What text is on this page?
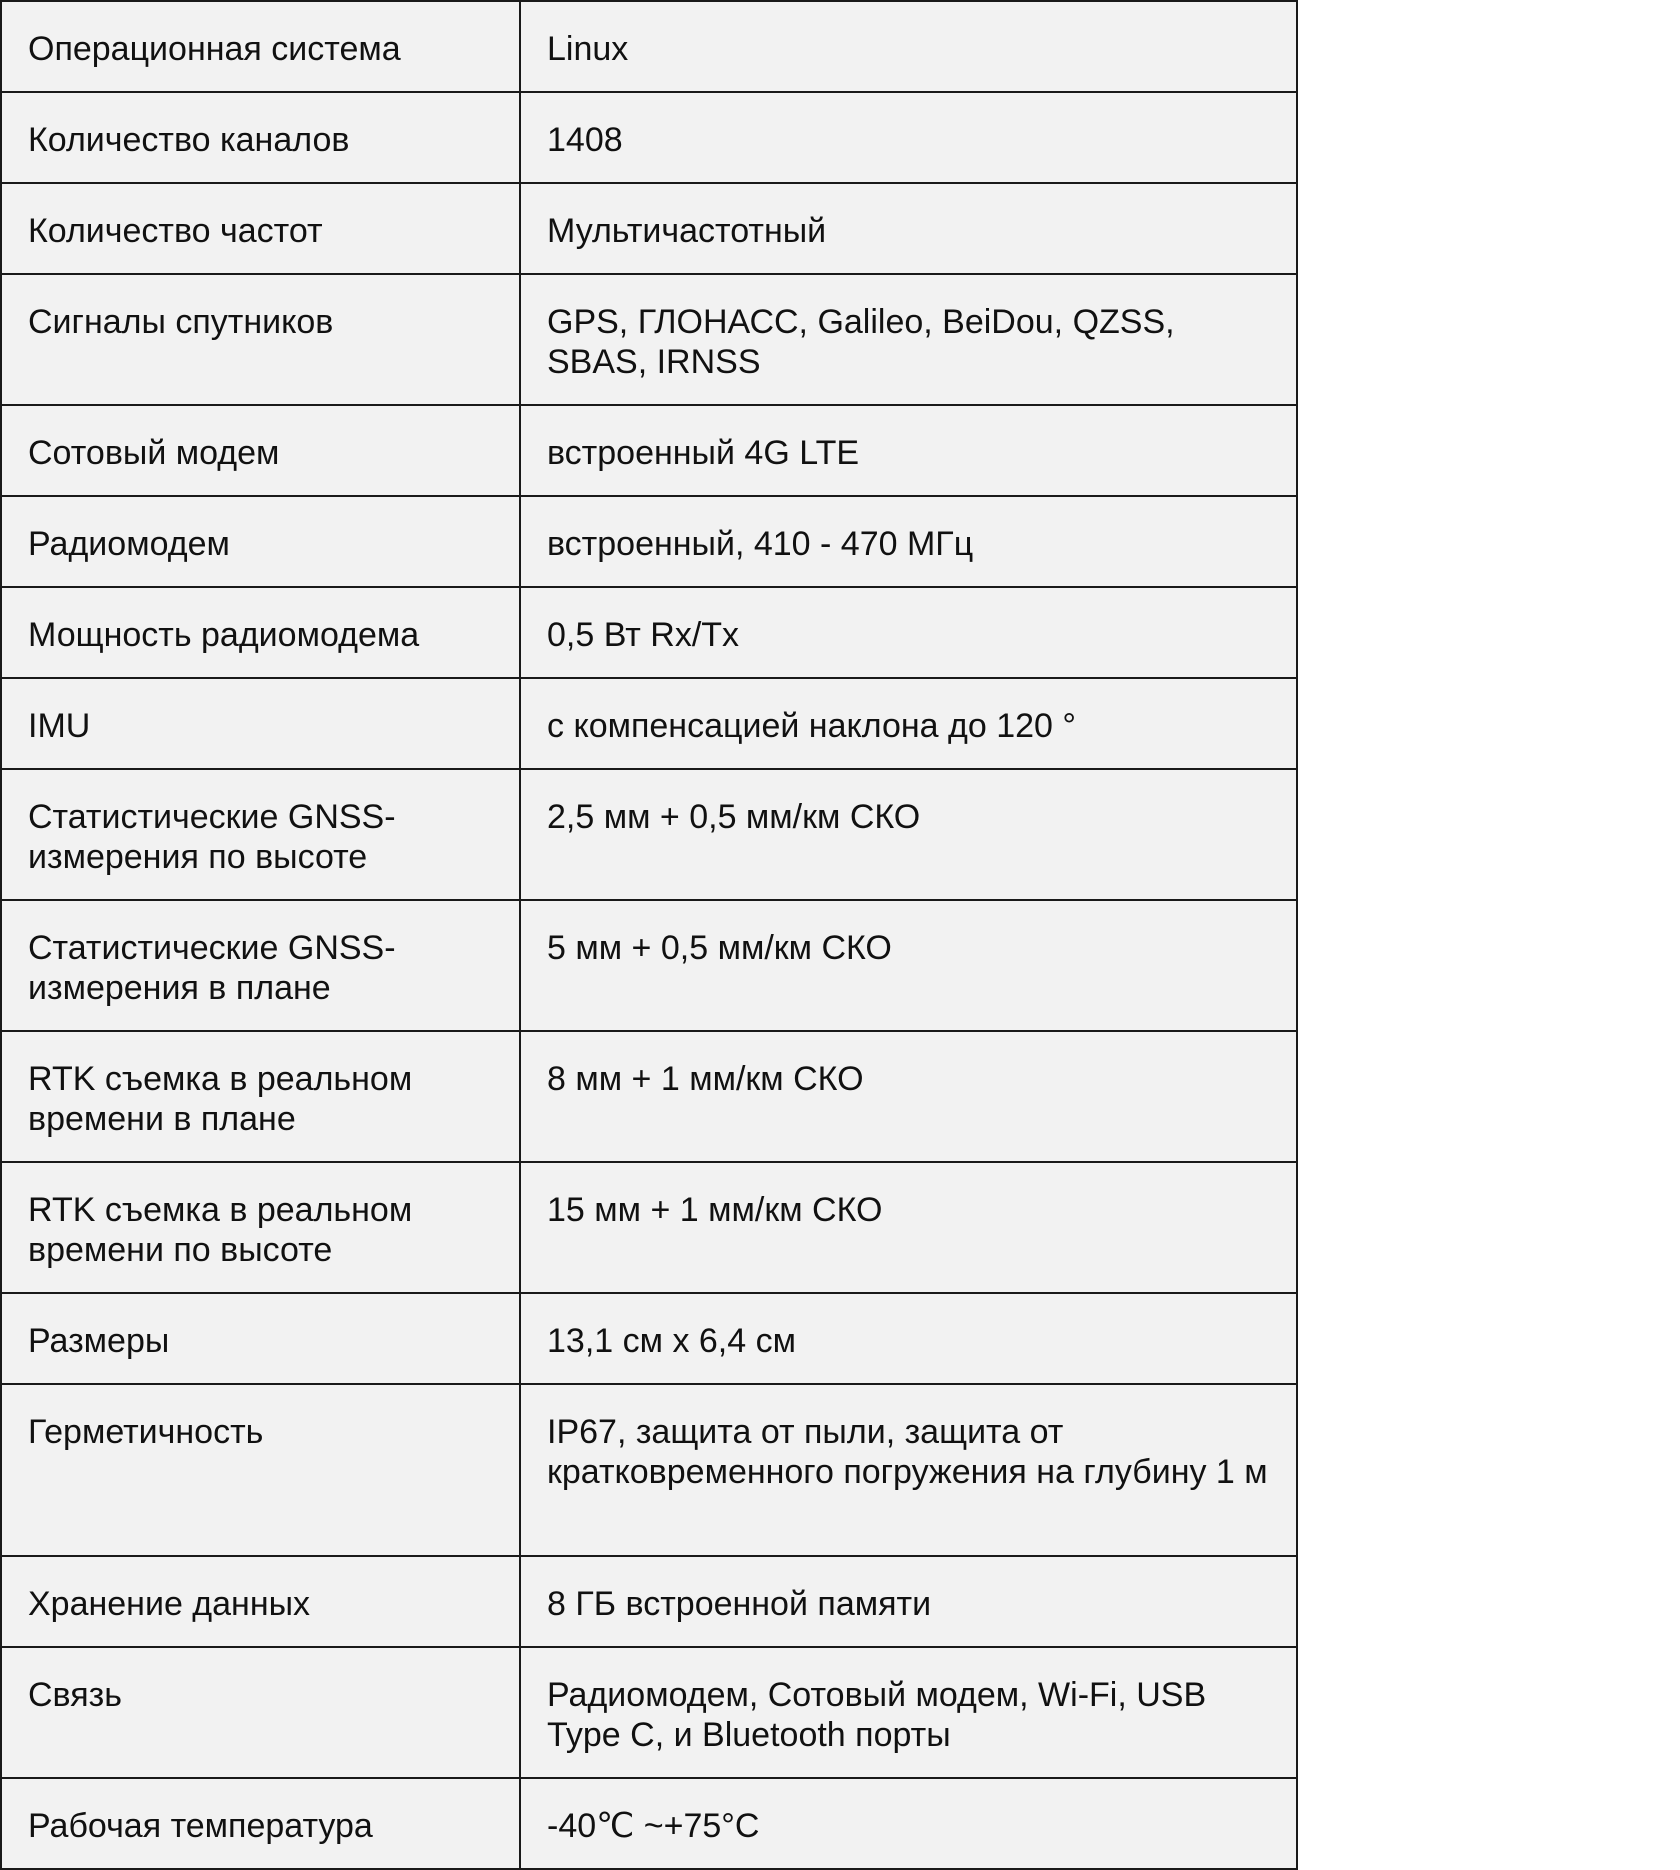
Операционная система	Linux

Количество каналов	1408

Количество частот	Мультичастотный

Сигналы спутников	GPS, ГЛОНАСС, Galileo, BeiDou, QZSS, SBAS, IRNSS

Сотовый модем	встроенный 4G LTE

Радиомодем	встроенный, 410 - 470 МГц

Мощность радиомодема	0,5 Вт Rx/Tx

IMU	с компенсацией наклона до 120 °

Статистические GNSS-измерения по высоте	2,5 мм + 0,5 мм/км СКО

Статистические GNSS-измерения в плане	5 мм + 0,5 мм/км СКО

RTK съемка в реальном времени в плане	8 мм + 1 мм/км СКО

RTK съемка в реальном времени по высоте	15 мм + 1 мм/км СКО

Размеры	13,1 см х 6,4 см

Герметичность	IP67, защита от пыли, защита от кратковременного погружения на глубину 1 м

Хранение данных	8 ГБ встроенной памяти

Связь	Радиомодем, Сотовый модем, Wi-Fi, USB Type C, и Bluetooth порты

Рабочая температура	-40℃ ~+75°C
